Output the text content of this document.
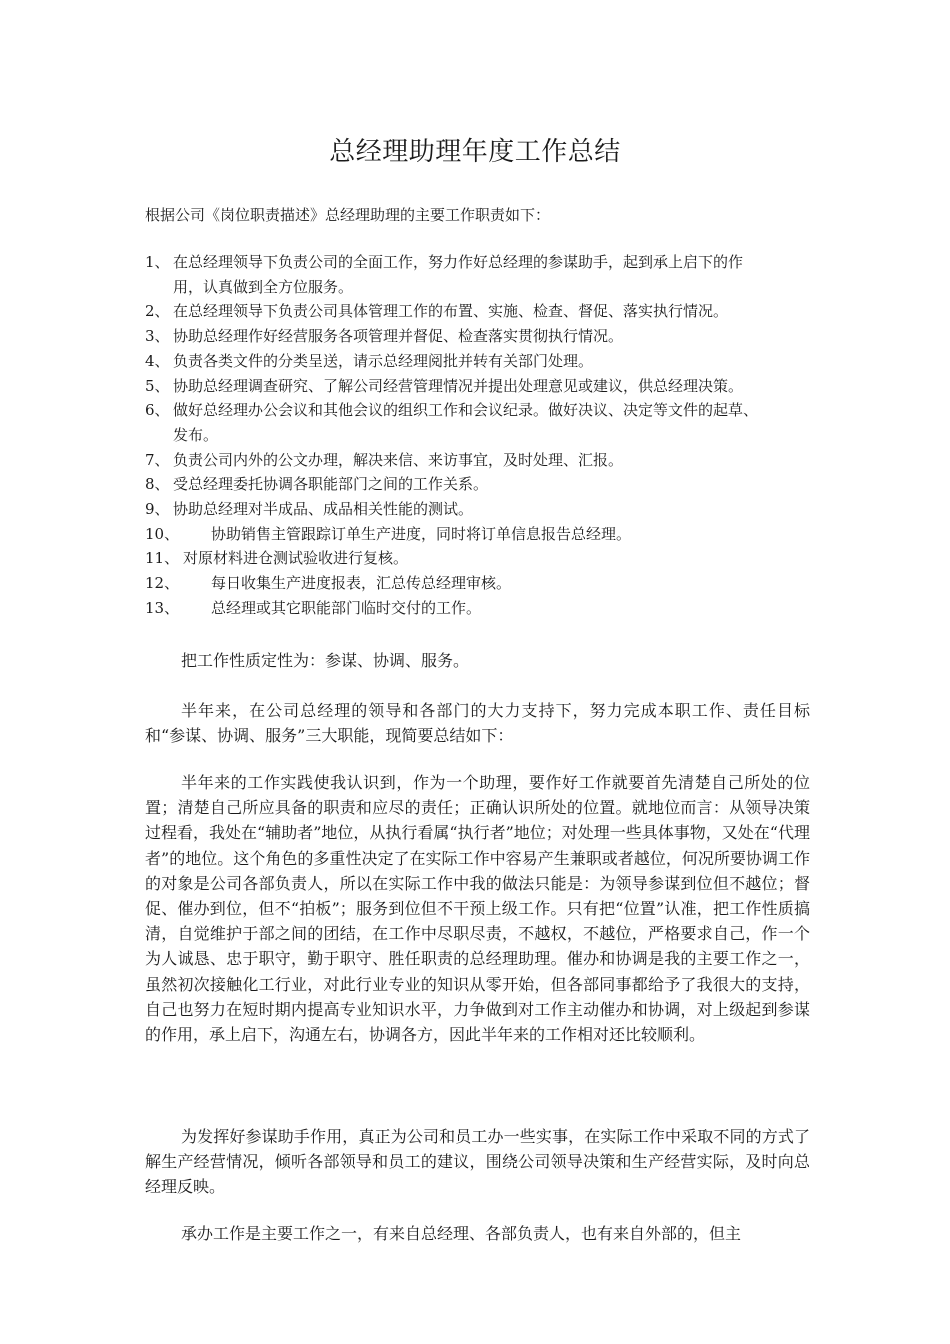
总经理助理年度工作总结
根据公司《岗位职责描述》总经理助理的主要工作职责如下：
1、 在总经理领导下负责公司的全面工作，努力作好总经理的参谋助手，起到承上启下的作
用，认真做到全方位服务。
2、 在总经理领导下负责公司具体管理工作的布置、实施、检查、督促、落实执行情况。
3、 协助总经理作好经营服务各项管理并督促、检查落实贯彻执行情况。
4、 负责各类文件的分类呈送，请示总经理阅批并转有关部门处理。
5、 协助总经理调查研究、了解公司经营管理情况并提出处理意见或建议，供总经理决策。
6、 做好总经理办公会议和其他会议的组织工作和会议纪录。做好决议、决定等文件的起草、
发布。
7、 负责公司内外的公文办理，解决来信、来访事宜，及时处理、汇报。
8、 受总经理委托协调各职能部门之间的工作关系。
9、 协助总经理对半成品、成品相关性能的测试。
10、 协助销售主管跟踪订单生产进度，同时将订单信息报告总经理。
11、 对原材料进仓测试验收进行复核。
12、 每日收集生产进度报表，汇总传总经理审核。
13、 总经理或其它职能部门临时交付的工作。

把工作性质定性为：参谋、协调、服务。

半年来，在公司总经理的领导和各部门的大力支持下，努力完成本职工作、责任目标和“参谋、协调、服务”三大职能，现简要总结如下：

半年来的工作实践使我认识到，作为一个助理，要作好工作就要首先清楚自己所处的位置；清楚自己所应具备的职责和应尽的责任；正确认识所处的位置。就地位而言：从领导决策过程看，我处在“辅助者”地位，从执行看属“执行者”地位；对处理一些具体事物，又处在“代理者”的地位。这个角色的多重性决定了在实际工作中容易产生兼职或者越位，何况所要协调工作的对象是公司各部负责人，所以在实际工作中我的做法只能是：为领导参谋到位但不越位；督促、催办到位，但不“拍板”；服务到位但不干预上级工作。只有把“位置”认准，把工作性质搞清，自觉维护于部之间的团结，在工作中尽职尽责，不越权，不越位，严格要求自己，作一个为人诚恳、忠于职守，勤于职守、胜任职责的总经理助理。催办和协调是我的主要工作之一，虽然初次接触化工行业，对此行业专业的知识从零开始，但各部同事都给予了我很大的支持，自己也努力在短时期内提高专业知识水平，力争做到对工作主动催办和协调，对上级起到参谋的作用，承上启下，沟通左右，协调各方，因此半年来的工作相对还比较顺利。

为发挥好参谋助手作用，真正为公司和员工办一些实事，在实际工作中采取不同的方式了解生产经营情况，倾听各部领导和员工的建议，围绕公司领导决策和生产经营实际，及时向总经理反映。

承办工作是主要工作之一，有来自总经理、各部负责人，也有来自外部的，但主
